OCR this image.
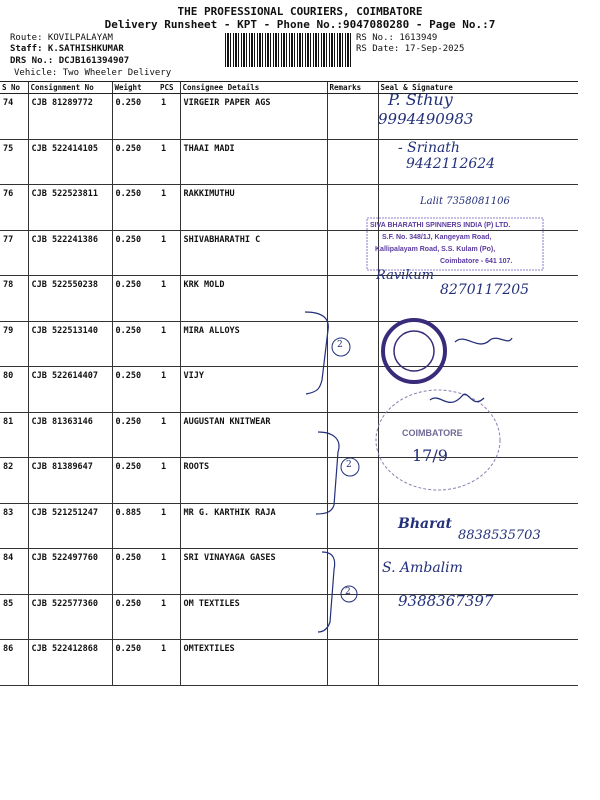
THE PROFESSIONAL COURIERS, COIMBATORE
Delivery Runsheet - KPT - Phone No.:9047080280 - Page No.:7
Route: KOVILPALAYAM
Staff: K.SATHISHKUMAR
DRS No.: DCJB161394907
Vehicle: Two Wheeler Delivery
RS No.: 1613949
RS Date: 17-Sep-2025
S No	Consignment No	Weight	PCS	Consignee Details	Remarks	Seal & Signature
74	CJB 81289772	0.250	1	VIRGEIR PAPER AGS		
75	CJB 522414105	0.250	1	THAAI MADI		
76	CJB 522523811	0.250	1	RAKKIMUTHU		
77	CJB 522241386	0.250	1	SHIVABHARATHI C		
78	CJB 522550238	0.250	1	KRK MOLD		
79	CJB 522513140	0.250	1	MIRA ALLOYS		
80	CJB 522614407	0.250	1	VIJY		
81	CJB 81363146	0.250	1	AUGUSTAN KNITWEAR		
82	CJB 81389647	0.250	1	ROOTS		
83	CJB 521251247	0.885	1	MR G. KARTHIK RAJA		
84	CJB 522497760	0.250	1	SRI VINAYAGA GASES		
85	CJB 522577360	0.250	1	OM TEXTILES		
86	CJB 522412868	0.250	1	OMTEXTILES		
P. Sthuy
9994490983
- Srinath
9442112624
Lalit 7358081106
SIVA BHARATHI SPINNERS INDIA (P) LTD.
S.F. No. 348/1J, Kangeyam Road,
Kallipalayam Road, S.S. Kulam (Po),
Coimbatore - 641 107.
Ravikum
8270117205
COIMBATORE
17/9
Bharat
8838535703
S. Ambalim
9388367397
2
2
2
